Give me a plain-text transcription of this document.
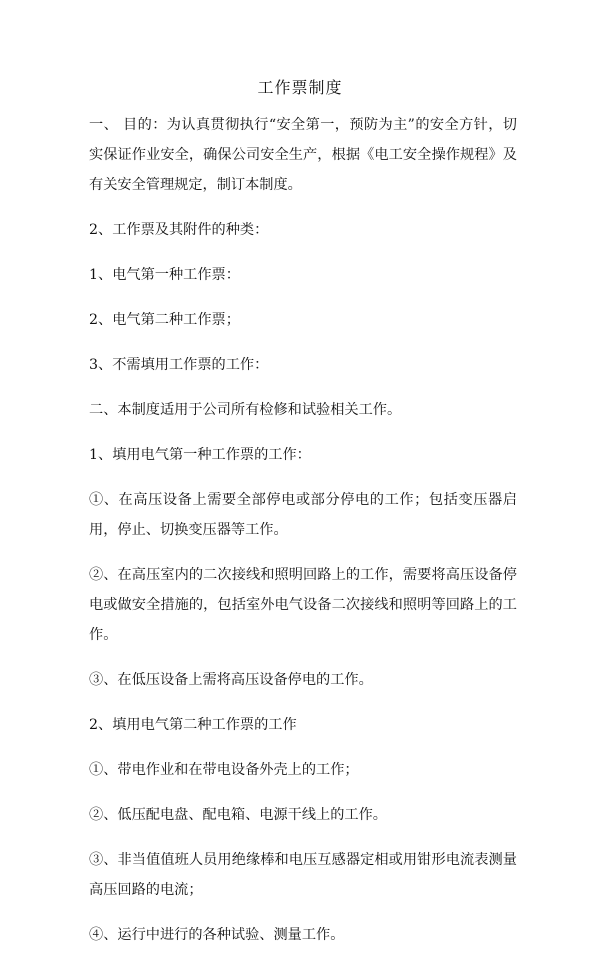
工作票制度

一、 目的：为认真贯彻执行“安全第一，预防为主”的安全方针，切实保证作业安全，确保公司安全生产，根据《电工安全操作规程》及有关安全管理规定，制订本制度。

2、工作票及其附件的种类：

1、电气第一种工作票：

2、电气第二种工作票；

3、不需填用工作票的工作：

二、本制度适用于公司所有检修和试验相关工作。

1、填用电气第一种工作票的工作：

①、在高压设备上需要全部停电或部分停电的工作；包括变压器启用，停止、切换变压器等工作。

②、在高压室内的二次接线和照明回路上的工作，需要将高压设备停电或做安全措施的，包括室外电气设备二次接线和照明等回路上的工作。

③、在低压设备上需将高压设备停电的工作。

2、填用电气第二种工作票的工作

①、带电作业和在带电设备外壳上的工作；

②、低压配电盘、配电箱、电源干线上的工作。

③、非当值值班人员用绝缘棒和电压互感器定相或用钳形电流表测量高压回路的电流；

④、运行中进行的各种试验、测量工作。
